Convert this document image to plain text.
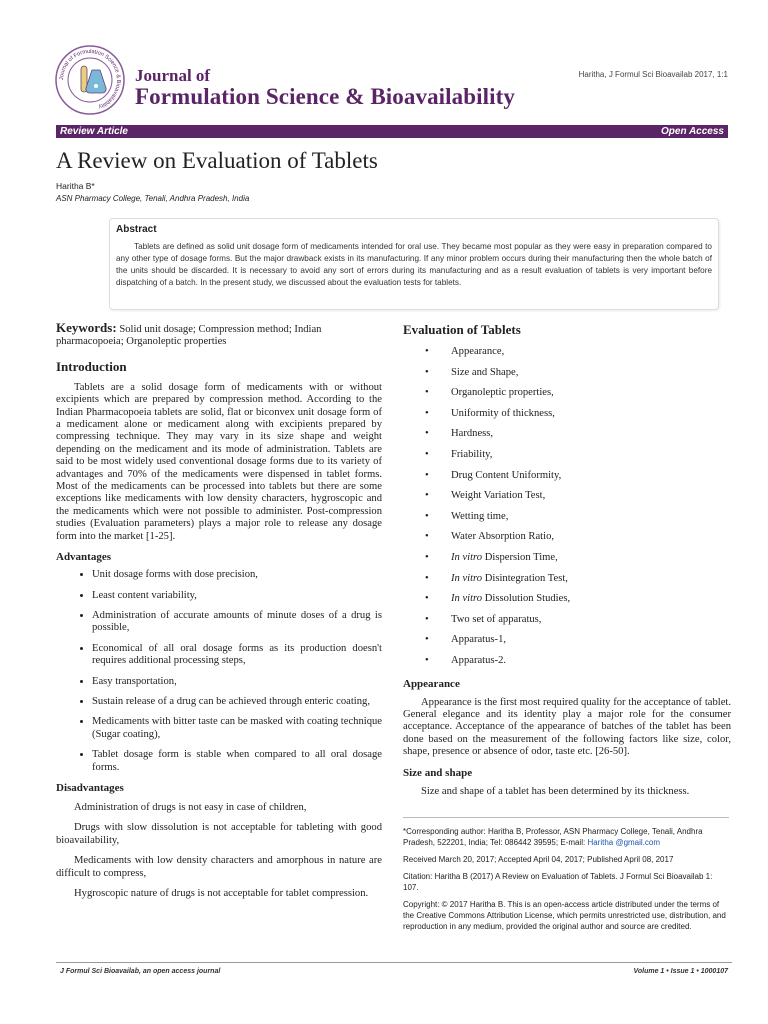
Journal of Formulation Science & Bioavailability
Journal of
Formulation Science & Bioavailability
Haritha, J Formul Sci Bioavailab 2017, 1:1
Review Article	Open Access
A Review on Evaluation of Tablets
Haritha B*
ASN Pharmacy College, Tenali, Andhra Pradesh, India
Abstract

Tablets are defined as solid unit dosage form of medicaments intended for oral use. They became most popular as they were easy in preparation compared to any other type of dosage forms. But the major drawback exists in its manufacturing. If any minor problem occurs during their manufacturing then the whole batch of the units should be discarded. It is necessary to avoid any sort of errors during its manufacturing and as a result evaluation of tablets is very important before dispatching of a batch. In the present study, we discussed about the evaluation tests for tablets.

Keywords: Solid unit dosage; Compression method; Indian pharmacopoeia; Organoleptic properties
Introduction

Tablets are a solid dosage form of medicaments with or without excipients which are prepared by compression method. According to the Indian Pharmacopoeia tablets are solid, flat or biconvex unit dosage form of a medicament alone or medicament along with excipients prepared by compressing technique. They may vary in its size shape and weight depending on the medicament and its mode of administration. Tablets are said to be most widely used conventional dosage forms due to its variety of advantages and 70% of the medicaments were dispensed in tablet forms. Most of the medicaments can be processed into tablets but there are some exceptions like medicaments with low density characters, hygroscopic and the medicaments which were not possible to administer. Post-compression studies (Evaluation parameters) plays a major role to release any dosage form into the market [1-25].

Advantages
• Unit dosage forms with dose precision,
• Least content variability,
• Administration of accurate amounts of minute doses of a drug is possible,
• Economical of all oral dosage forms as its production doesn't requires additional processing steps,
• Easy transportation,
• Sustain release of a drug can be achieved through enteric coating,
• Medicaments with bitter taste can be masked with coating technique (Sugar coating),
• Tablet dosage form is stable when compared to all oral dosage forms.
Disadvantages

Administration of drugs is not easy in case of children,

Drugs with slow dissolution is not acceptable for tableting with good bioavailability,

Medicaments with low density characters and amorphous in nature are difficult to compress,

Hygroscopic nature of drugs is not acceptable for tablet compression.

Evaluation of Tablets
• Appearance,
• Size and Shape,
• Organoleptic properties,
• Uniformity of thickness,
• Hardness,
• Friability,
• Drug Content Uniformity,
• Weight Variation Test,
• Wetting time,
• Water Absorption Ratio,
• In vitro Dispersion Time,
• In vitro Disintegration Test,
• In vitro Dissolution Studies,
• Two set of apparatus,
• Apparatus-1,
• Apparatus-2.
Appearance

Appearance is the first most required quality for the acceptance of tablet. General elegance and its identity play a major role for the consumer acceptance. Acceptance of the appearance of batches of the tablet has been done based on the measurement of the following factors like size, color, shape, presence or absence of odor, taste etc. [26-50].

Size and shape

Size and shape of a tablet has been determined by its thickness.

*Corresponding author: Haritha B, Professor, ASN Pharmacy College, Tenali, Andhra Pradesh, 522201, India; Tel: 086442 39595; E-mail: Haritha @gmail.com
Received March 20, 2017; Accepted April 04, 2017; Published April 08, 2017
Citation: Haritha B (2017) A Review on Evaluation of Tablets. J Formul Sci Bioavailab 1: 107.
Copyright: © 2017 Haritha B. This is an open-access article distributed under the terms of the Creative Commons Attribution License, which permits unrestricted use, distribution, and reproduction in any medium, provided the original author and source are credited.
J Formul Sci Bioavailab, an open access journal	Volume 1 • Issue 1 • 1000107
